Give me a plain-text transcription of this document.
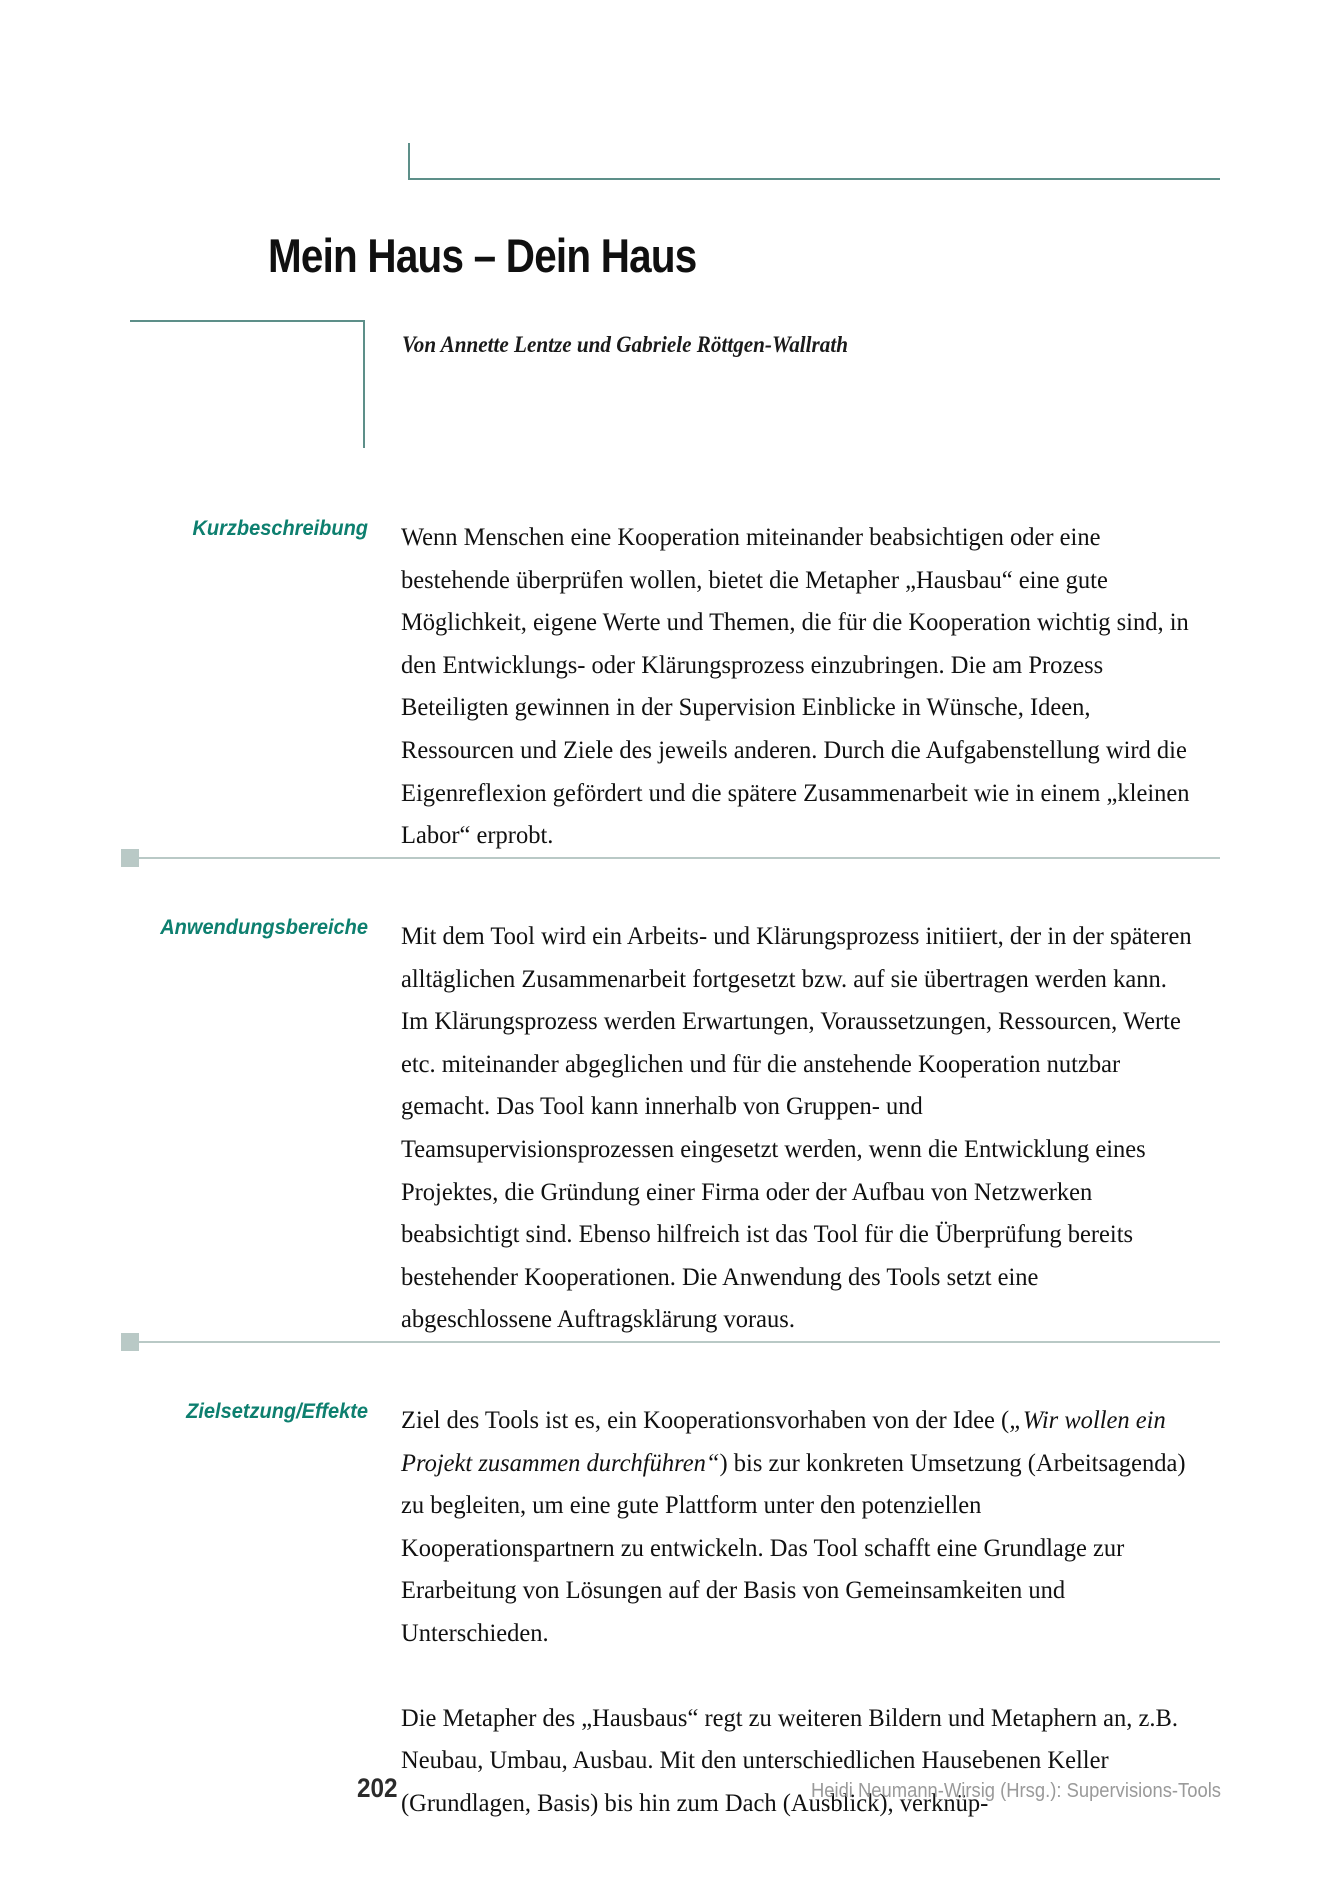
Mein Haus – Dein Haus
Von Annette Lentze und Gabriele Röttgen-Wallrath
Kurzbeschreibung Wenn Menschen eine Kooperation miteinander beabsichtigen oder eine bestehende überprüfen wollen, bietet die Metapher „Hausbau“ eine gute Möglichkeit, eigene Werte und Themen, die für die Kooperation wichtig sind, in den Entwicklungs- oder Klärungsprozess einzubringen. Die am Prozess Beteiligten gewinnen in der Supervision Einblicke in Wünsche, Ideen, Ressourcen und Ziele des jeweils anderen. Durch die Aufgabenstellung wird die Eigenreflexion gefördert und die spätere Zusammenarbeit wie in einem „kleinen Labor“ erprobt.

Anwendungsbereiche Mit dem Tool wird ein Arbeits- und Klärungsprozess initiiert, der in der späteren alltäglichen Zusammenarbeit fortgesetzt bzw. auf sie übertragen werden kann. Im Klärungsprozess werden Erwartungen, Voraussetzungen, Ressourcen, Werte etc. miteinander abgeglichen und für die anstehende Kooperation nutzbar gemacht. Das Tool kann innerhalb von Gruppen- und Teamsupervisionsprozessen eingesetzt werden, wenn die Entwicklung eines Projektes, die Gründung einer Firma oder der Aufbau von Netzwerken beabsichtigt sind. Ebenso hilfreich ist das Tool für die Überprüfung bereits bestehender Kooperationen. Die Anwendung des Tools setzt eine abgeschlossene Auftragsklärung voraus.

Zielsetzung/Effekte Ziel des Tools ist es, ein Kooperationsvorhaben von der Idee („Wir wollen ein Projekt zusammen durchführen“) bis zur konkreten Umsetzung (Arbeitsagenda) zu begleiten, um eine gute Plattform unter den potenziellen Kooperationspartnern zu entwickeln. Das Tool schafft eine Grundlage zur Erarbeitung von Lösungen auf der Basis von Gemeinsamkeiten und Unterschieden.

Die Metapher des „Hausbaus“ regt zu weiteren Bildern und Metaphern an, z.B. Neubau, Umbau, Ausbau. Mit den unterschiedlichen Hausebenen Keller (Grundlagen, Basis) bis hin zum Dach (Ausblick), verknüp-

202	Heidi Neumann-Wirsig (Hrsg.): Supervisions-Tools
